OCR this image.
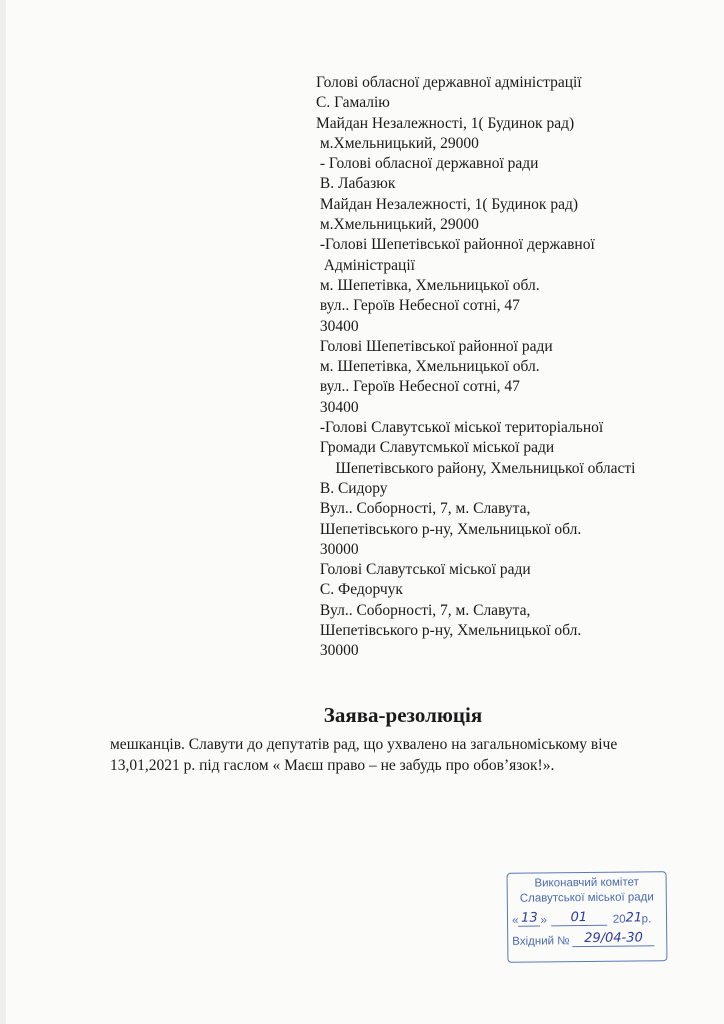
Голові обласної державної адміністрації
С. Гамалію
Майдан Незалежності, 1( Будинок рад)
м.Хмельницький, 29000
- Голові обласної державної ради
В. Лабазюк
Майдан Незалежності, 1( Будинок рад)
м.Хмельницький, 29000
-Голові Шепетівської районної державної
Адміністрації
м. Шепетівка, Хмельницької обл.
вул.. Героїв Небесної сотні, 47
30400
Голові Шепетівської районної ради
м. Шепетівка, Хмельницької обл.
вул.. Героїв Небесної сотні, 47
30400
-Голові Славутської міської територіальної
Громади Славутсмької міської ради
Шепетівського району, Хмельницької області
В. Сидору
Вул.. Соборності, 7, м. Славута,
Шепетівського р-ну, Хмельницької обл.
30000
Голові Славутської міської ради
С. Федорчук
Вул.. Соборності, 7, м. Славута,
Шепетівського р-ну, Хмельницької обл.
30000
Заява-резолюція
мешканців. Славути до депутатів рад, що ухвалено на загальноміському віче
13,01,2021 р. під гаслом « Маєш право – не забудь про обов’язок!».
Виконавчий комітет
Славутської міської ради
« 13 »	01	20 21 р.
Вхідний №	29/04-30
